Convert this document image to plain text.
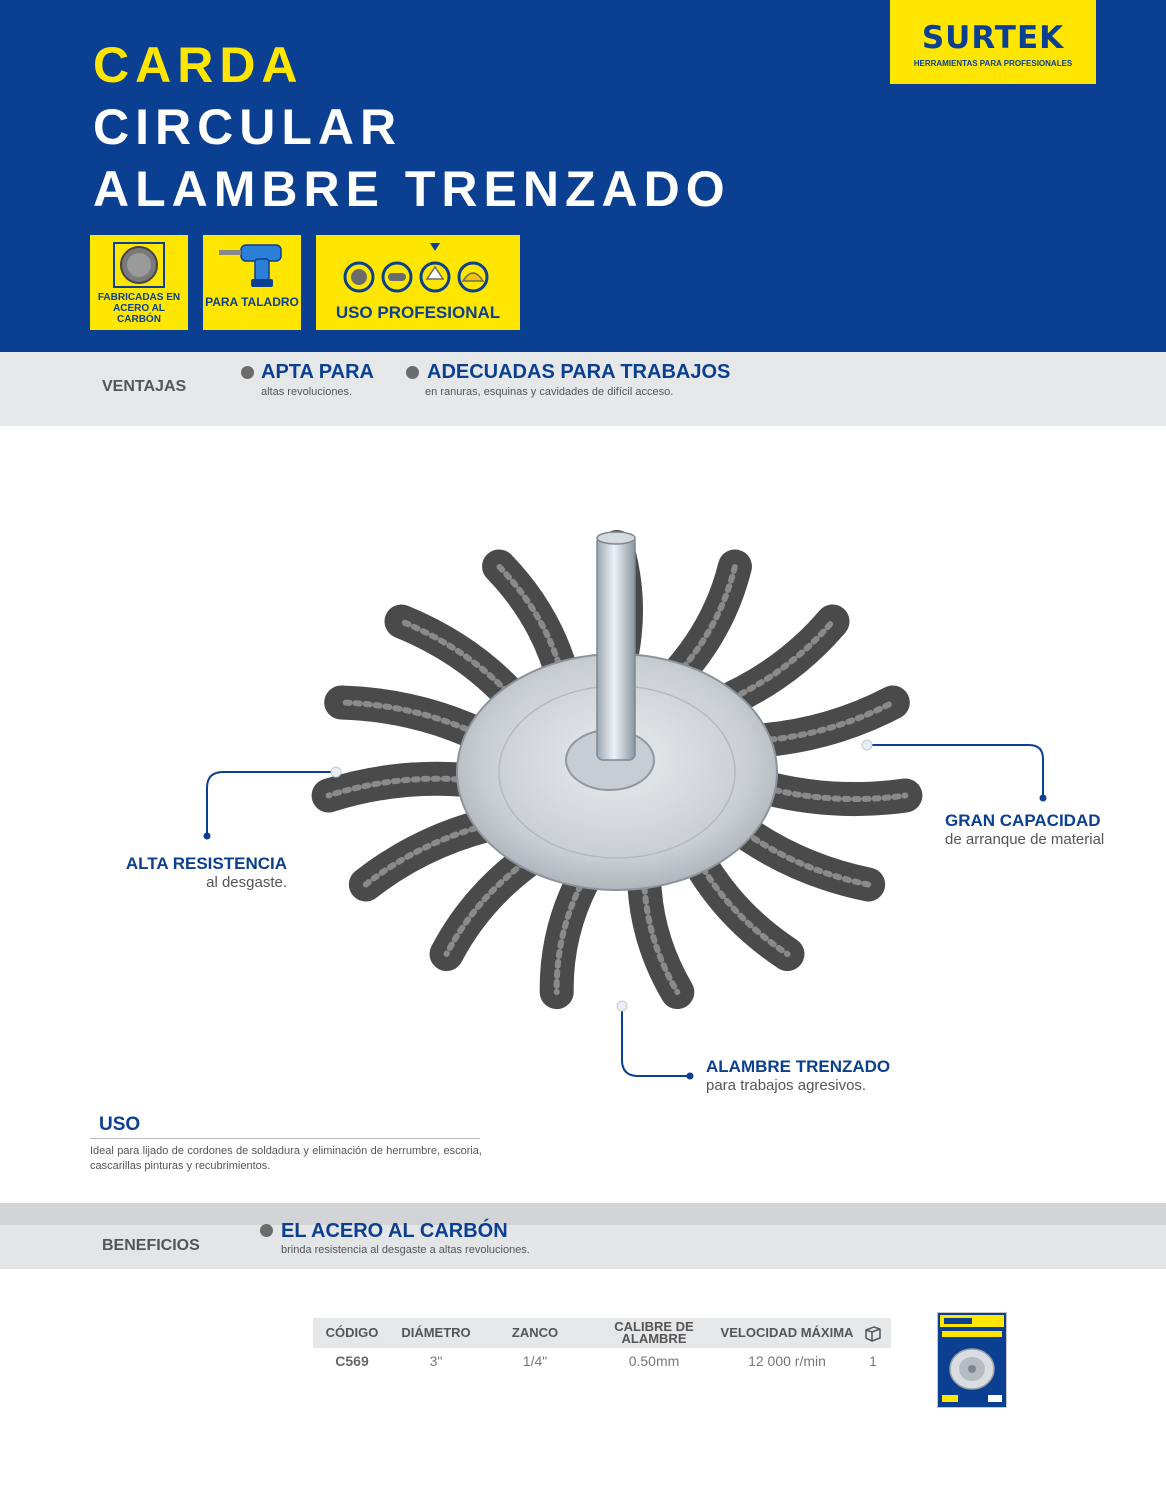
CARDA
CIRCULAR
ALAMBRE TRENZADO
SURTEK
HERRAMIENTAS PARA PROFESIONALES
FABRICADAS EN ACERO AL CARBÓN
PARA TALADRO
USO PROFESIONAL
VENTAJAS
APTA PARA
altas revoluciones.
ADECUADAS PARA TRABAJOS
en ranuras, esquinas y cavidades de difícil acceso.
GRAN CAPACIDAD
de arranque de material
ALTA RESISTENCIA
al desgaste.
ALAMBRE TRENZADO
para trabajos agresivos.
USO
Ideal para lijado de cordones de soldadura y eliminación de herrumbre, escoria, cascarillas pinturas y recubrimientos.
BENEFICIOS
EL ACERO AL CARBÓN
brinda resistencia al desgaste a altas revoluciones.
CÓDIGO	DIÁMETRO	ZANCO	CALIBRE DE ALAMBRE	VELOCIDAD MÁXIMA
C569	3"	1/4"	0.50mm	12 000 r/min	1
